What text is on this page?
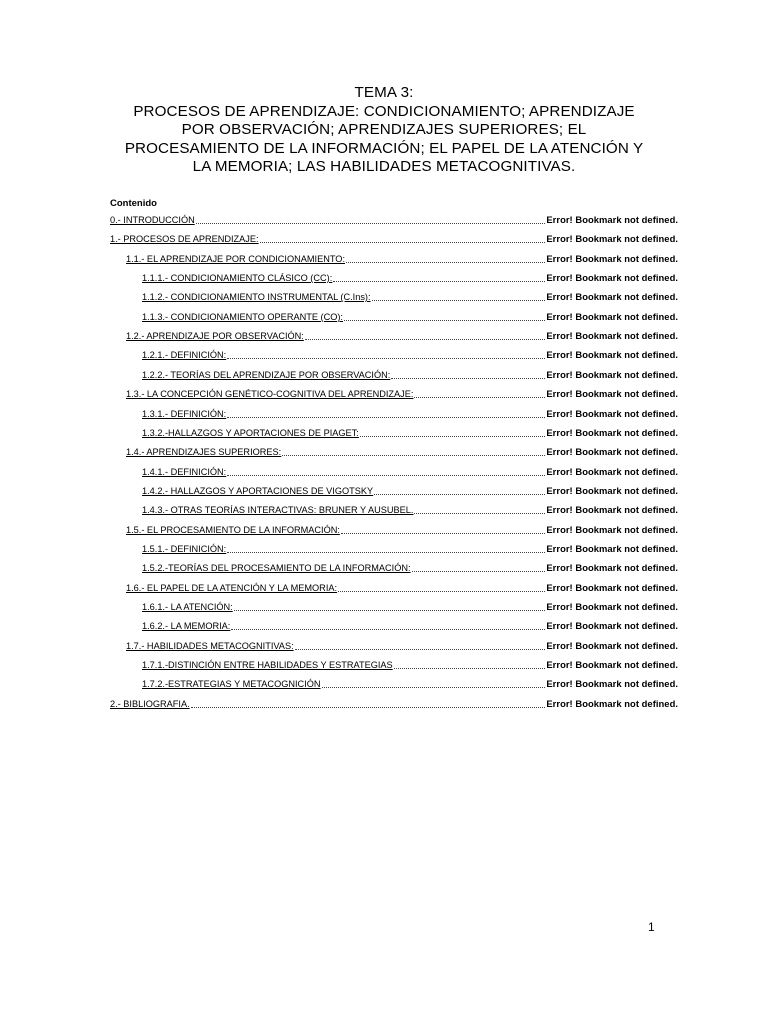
TEMA 3:
PROCESOS DE APRENDIZAJE: CONDICIONAMIENTO; APRENDIZAJE
POR OBSERVACIÓN; APRENDIZAJES SUPERIORES; EL
PROCESAMIENTO DE LA INFORMACIÓN; EL PAPEL DE LA ATENCIÓN Y
LA MEMORIA; LAS HABILIDADES METACOGNITIVAS.
Contenido
0.- INTRODUCCIÓN	Error! Bookmark not defined.
1.- PROCESOS DE APRENDIZAJE:	Error! Bookmark not defined.
1.1.- EL APRENDIZAJE POR CONDICIONAMIENTO:	Error! Bookmark not defined.
1.1.1.- CONDICIONAMIENTO CLÁSICO (CC):	Error! Bookmark not defined.
1.1.2.- CONDICIONAMIENTO INSTRUMENTAL (C.Ins):	Error! Bookmark not defined.
1.1.3.- CONDICIONAMIENTO OPERANTE (CO):	Error! Bookmark not defined.
1.2.- APRENDIZAJE POR OBSERVACIÓN:	Error! Bookmark not defined.
1.2.1.- DEFINICIÓN:	Error! Bookmark not defined.
1.2.2.- TEORÍAS DEL APRENDIZAJE POR OBSERVACIÓN:	Error! Bookmark not defined.
1.3.- LA CONCEPCIÓN GENÉTICO-COGNITIVA DEL APRENDIZAJE:	Error! Bookmark not defined.
1.3.1.- DEFINICIÓN:	Error! Bookmark not defined.
1.3.2.-HALLAZGOS Y APORTACIONES DE PIAGET:	Error! Bookmark not defined.
1.4.- APRENDIZAJES SUPERIORES:	Error! Bookmark not defined.
1.4.1.- DEFINICIÓN:	Error! Bookmark not defined.
1.4.2.- HALLAZGOS Y APORTACIONES DE VIGOTSKY	Error! Bookmark not defined.
1.4.3.- OTRAS TEORÍAS INTERACTIVAS: BRUNER Y AUSUBEL.	Error! Bookmark not defined.
1.5.- EL PROCESAMIENTO DE LA INFORMACIÓN:	Error! Bookmark not defined.
1.5.1.- DEFINICIÓN:	Error! Bookmark not defined.
1.5.2.-TEORÍAS DEL PROCESAMIENTO DE LA INFORMACIÓN:	Error! Bookmark not defined.
1.6.- EL PAPEL DE LA ATENCIÓN Y LA MEMORIA:	Error! Bookmark not defined.
1.6.1.- LA ATENCIÓN:	Error! Bookmark not defined.
1.6.2.- LA MEMORIA:	Error! Bookmark not defined.
1.7.- HABILIDADES METACOGNITIVAS:	Error! Bookmark not defined.
1.7.1.-DISTINCIÓN ENTRE HABILIDADES Y ESTRATEGIAS	Error! Bookmark not defined.
1.7.2.-ESTRATEGIAS Y METACOGNICIÓN	Error! Bookmark not defined.
2.- BIBLIOGRAFIA.	Error! Bookmark not defined.
1
